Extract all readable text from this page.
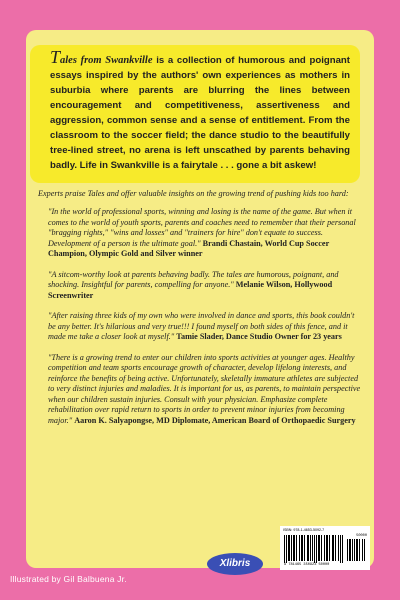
Tales from Swankville is a collection of humorous and poignant essays inspired by the authors' own experiences as mothers in suburbia where parents are blurring the lines between encouragement and competitiveness, assertiveness and aggression, common sense and a sense of entitlement. From the classroom to the soccer field; the dance studio to the beautifully tree-lined street, no arena is left unscathed by parents behaving badly. Life in Swankville is a fairytale . . . gone a bit askew!

Experts praise Tales and offer valuable insights on the growing trend of pushing kids too hard:

"In the world of professional sports, winning and losing is the name of the game. But when it comes to the world of youth sports, parents and coaches need to remember that their personal "bragging rights," "wins and losses" and "trainers for hire" don't equate to success. Development of a person is the ultimate goal." Brandi Chastain, World Cup Soccer Champion, Olympic Gold and Silver winner

"A sitcom-worthy look at parents behaving badly. The tales are humorous, poignant, and shocking. Insightful for parents, compelling for anyone." Melanie Wilson, Hollywood Screenwriter

"After raising three kids of my own who were involved in dance and sports, this book couldn't be any better. It's hilarious and very true!!! I found myself on both sides of this fence, and it made me take a closer look at myself." Tamie Slader, Dance Studio Owner for 23 years

"There is a growing trend to enter our children into sports activities at younger ages. Healthy competition and team sports encourage growth of character, develop lifelong interests, and reinforce the benefits of being active. Unfortunately, skeletally immature athletes are subjected to very distinct injuries and maladies. It is important for us, as parents, to maintain perspective when our children sustain injuries. Consult with your physician. Emphasize complete rehabilitation over rapid return to sports in order to prevent minor injuries from becoming major." Aaron K. Salyapongse, MD Diplomate, American Board of Orthopaedic Surgery

Illustrated by Gil Balbuena Jr.
Xlibris
ISBN: 978-1-4653-5092-7
50000
9 781465 350923 50000
